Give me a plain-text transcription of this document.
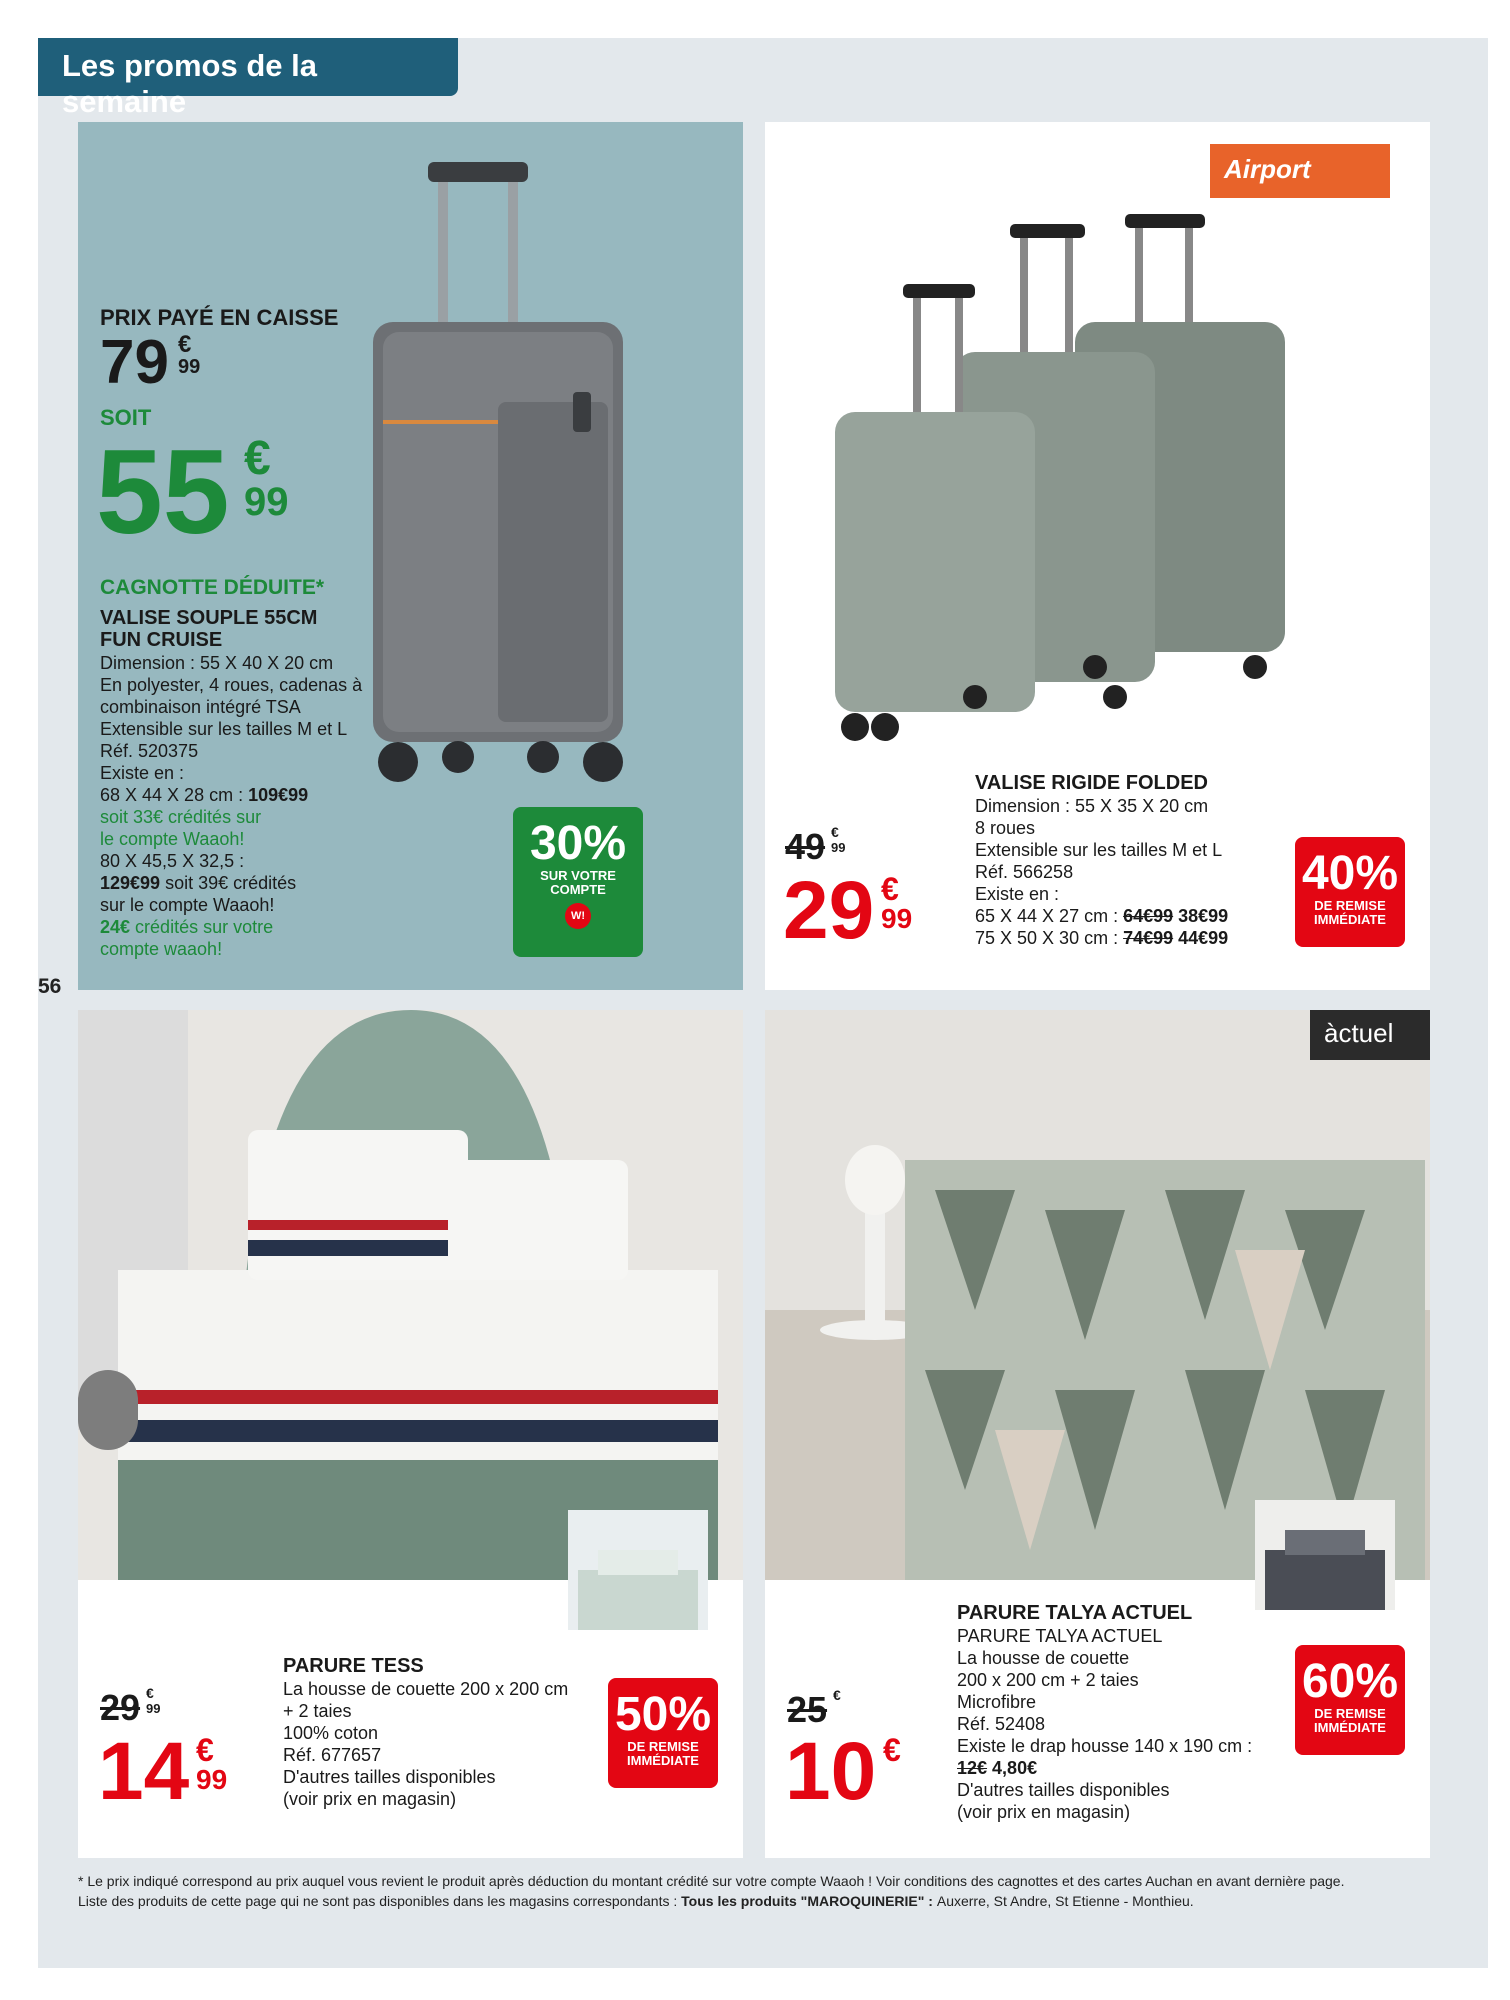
Les promos de la semaine
56
PRIX PAYÉ EN CAISSE
79 €
99
SOIT
55 €
99
CAGNOTTE DÉDUITE*
VALISE SOUPLE 55CM
FUN CRUISE
Dimension : 55 X 40 X 20 cm
En polyester, 4 roues, cadenas à
combinaison intégré TSA
Extensible sur les tailles M et L
Réf. 520375
Existe en :
68 X 44 X 28 cm : 109€99
soit 33€ crédités sur
le compte Waaoh!
80 X 45,5 X 32,5 :
129€99 soit 39€ crédités
sur le compte Waaoh!
24€ crédités sur votre
compte waaoh!
30%
SUR VOTRE
COMPTE
W!
Airport
VALISE RIGIDE FOLDED
Dimension : 55 X 35 X 20 cm
8 roues
Extensible sur les tailles M et L
Réf. 566258
Existe en :
65 X 44 X 27 cm : 64€99 38€99
75 X 50 X 30 cm : 74€99 44€99
49 €
99
29 €
99
40%
DE REMISE
IMMÉDIATE
PARURE TESS
La housse de couette 200 x 200 cm
+ 2 taies
100% coton
Réf. 677657
D'autres tailles disponibles
(voir prix en magasin)
29 €
99
14 €
99
50%
DE REMISE
IMMÉDIATE
àctuel
PARURE TALYA ACTUEL
PARURE TALYA ACTUEL
La housse de couette
200 x 200 cm + 2 taies
Microfibre
Réf. 52408
Existe le drap housse 140 x 190 cm :
12€ 4,80€
D'autres tailles disponibles
(voir prix en magasin)
25 €
10 €
60%
DE REMISE
IMMÉDIATE
* Le prix indiqué correspond au prix auquel vous revient le produit après déduction du montant crédité sur votre compte Waaoh ! Voir conditions des cagnottes et des cartes Auchan en avant dernière page.
Liste des produits de cette page qui ne sont pas disponibles dans les magasins correspondants : Tous les produits "MAROQUINERIE" : Auxerre, St Andre, St Etienne - Monthieu.
